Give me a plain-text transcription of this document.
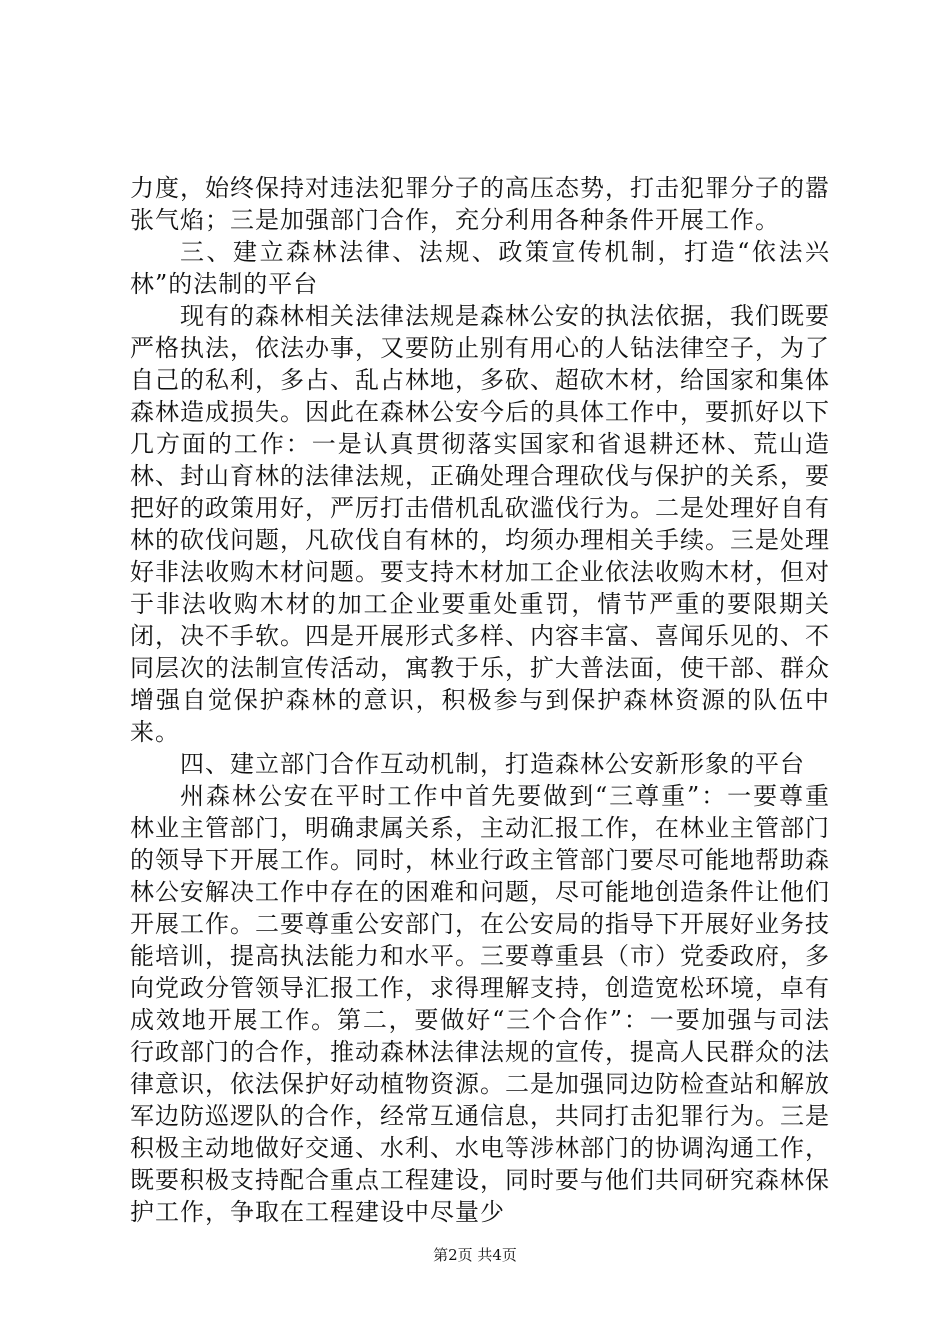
力度，始终保持对违法犯罪分子的高压态势，打击犯罪分子的嚣张气焰；三是加强部门合作，充分利用各种条件开展工作。

三、建立森林法律、法规、政策宣传机制，打造“依法兴林”的法制的平台

现有的森林相关法律法规是森林公安的执法依据，我们既要严格执法，依法办事，又要防止别有用心的人钻法律空子，为了自己的私利，多占、乱占林地，多砍、超砍木材，给国家和集体森林造成损失。因此在森林公安今后的具体工作中，要抓好以下几方面的工作：一是认真贯彻落实国家和省退耕还林、荒山造林、封山育林的法律法规，正确处理合理砍伐与保护的关系，要把好的政策用好，严厉打击借机乱砍滥伐行为。二是处理好自有林的砍伐问题，凡砍伐自有林的，均须办理相关手续。三是处理好非法收购木材问题。要支持木材加工企业依法收购木材，但对于非法收购木材的加工企业要重处重罚，情节严重的要限期关闭，决不手软。四是开展形式多样、内容丰富、喜闻乐见的、不同层次的法制宣传活动，寓教于乐，扩大普法面，使干部、群众增强自觉保护森林的意识，积极参与到保护森林资源的队伍中来。

四、建立部门合作互动机制，打造森林公安新形象的平台

州森林公安在平时工作中首先要做到“三尊重”：一要尊重林业主管部门，明确隶属关系，主动汇报工作，在林业主管部门的领导下开展工作。同时，林业行政主管部门要尽可能地帮助森林公安解决工作中存在的困难和问题，尽可能地创造条件让他们开展工作。二要尊重公安部门，在公安局的指导下开展好业务技能培训，提高执法能力和水平。三要尊重县（市）党委政府，多向党政分管领导汇报工作，求得理解支持，创造宽松环境，卓有成效地开展工作。第二，要做好“三个合作”：一要加强与司法行政部门的合作，推动森林法律法规的宣传，提高人民群众的法律意识，依法保护好动植物资源。二是加强同边防检查站和解放军边防巡逻队的合作，经常互通信息，共同打击犯罪行为。三是积极主动地做好交通、水利、水电等涉林部门的协调沟通工作，既要积极支持配合重点工程建设，同时要与他们共同研究森林保护工作，争取在工程建设中尽量少

第2页 共4页
